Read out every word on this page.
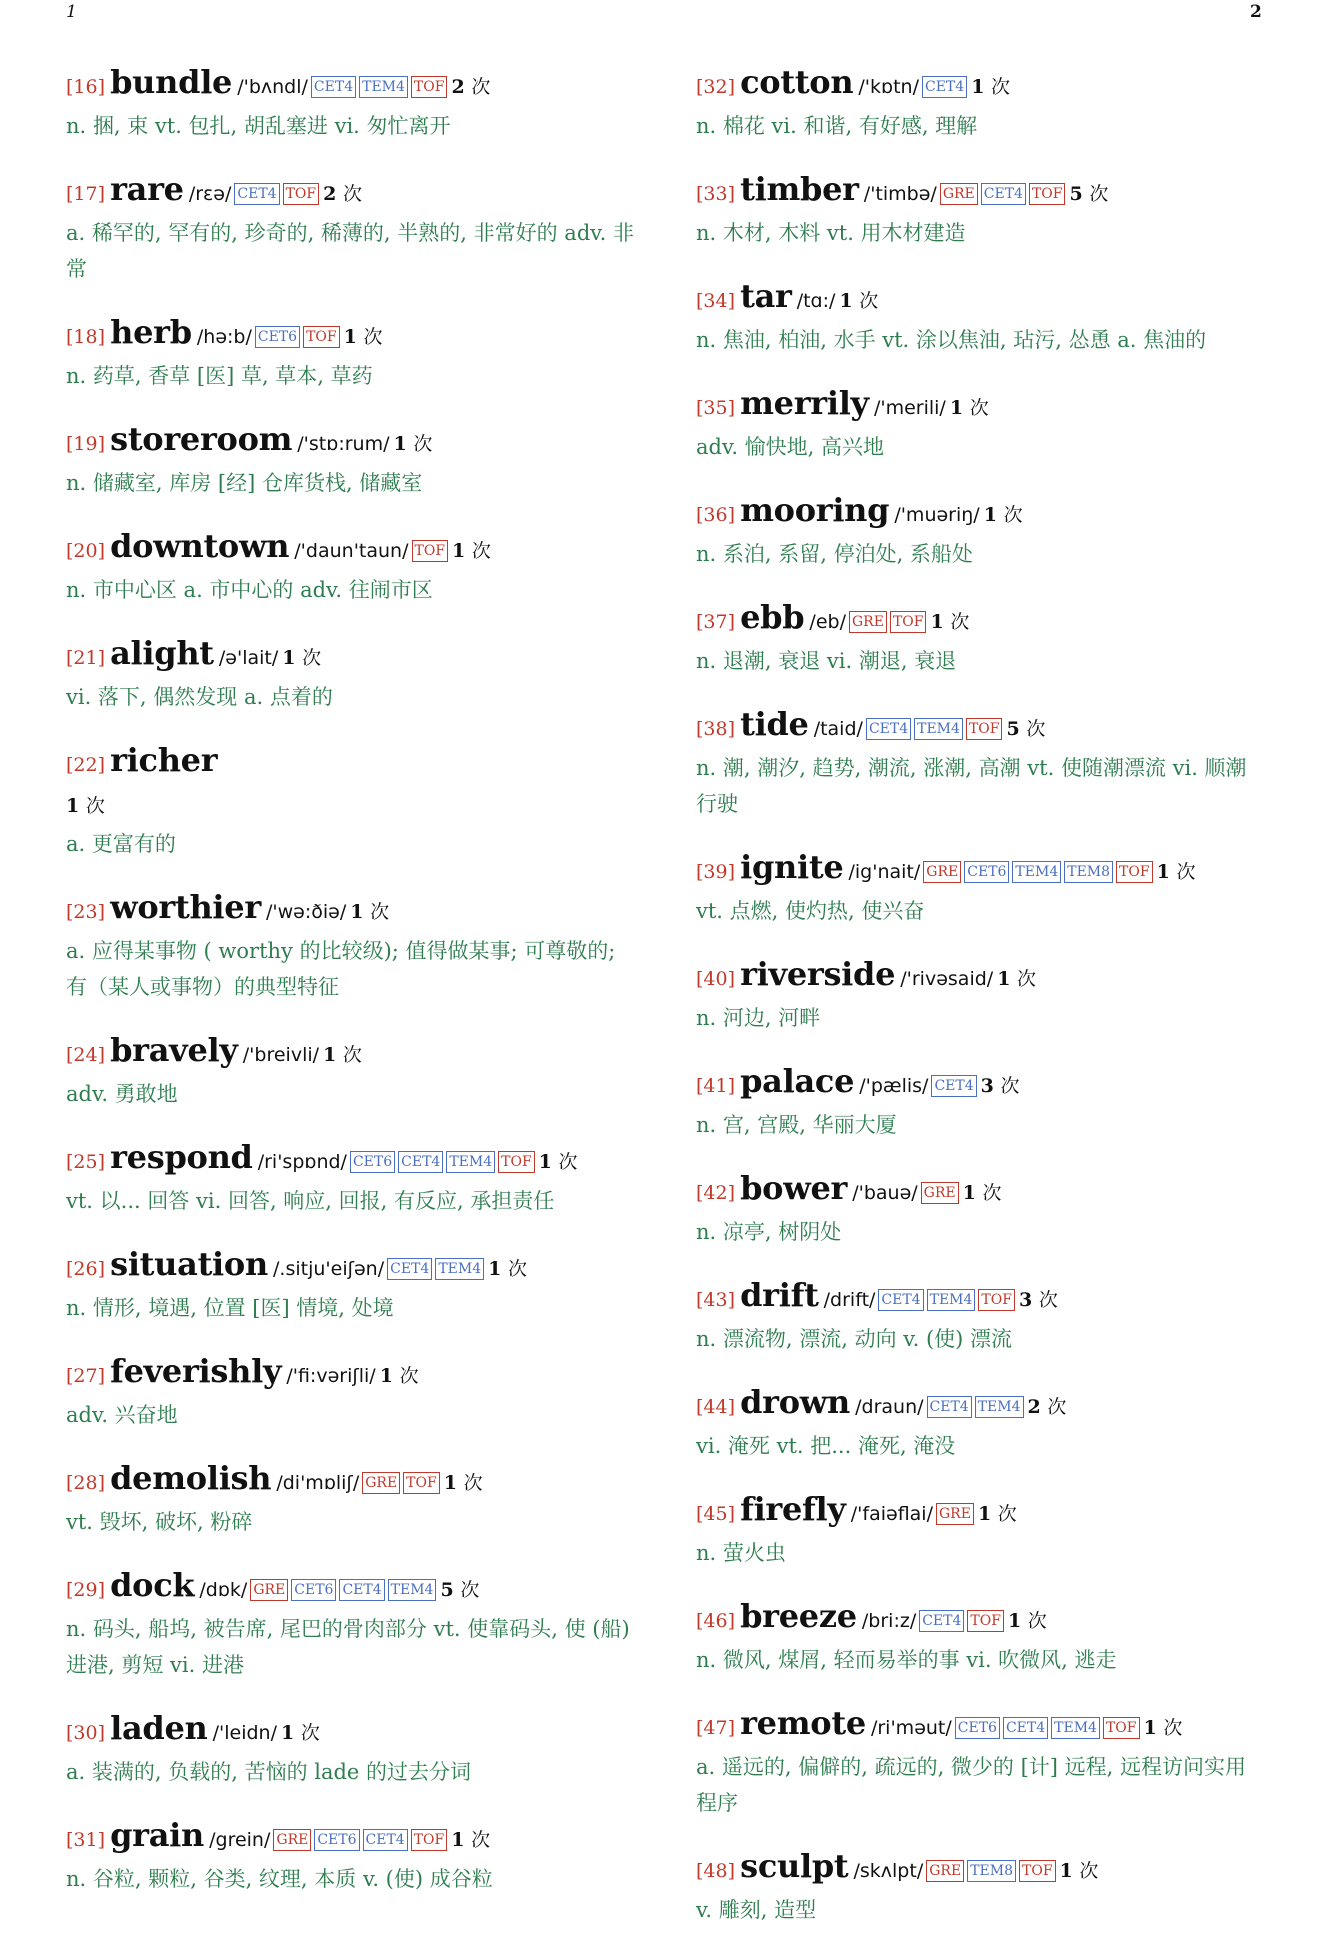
1	2
[16] bundle /'bʌndl/ CET4 TEM4 TOF 2 次
n. 捆, 束 vt. 包扎, 胡乱塞进 vi. 匆忙离开
[17] rare /rɛə/ CET4 TOF 2 次
a. 稀罕的, 罕有的, 珍奇的, 稀薄的, 半熟的, 非常好的 adv. 非常
[18] herb /hə:b/ CET6 TOF 1 次
n. 药草, 香草 [医] 草, 草本, 草药
[19] storeroom /'stɒ:rum/ 1 次
n. 储藏室, 库房 [经] 仓库货栈, 储藏室
[20] downtown /'daun'taun/ TOF 1 次
n. 市中心区 a. 市中心的 adv. 往闹市区
[21] alight /ə'lait/ 1 次
vi. 落下, 偶然发现 a. 点着的
[22] richer
1 次
a. 更富有的
[23] worthier /'wə:ðiə/ 1 次
a. 应得某事物 ( worthy 的比较级); 值得做某事; 可尊敬的; 有（某人或事物）的典型特征
[24] bravely /'breivli/ 1 次
adv. 勇敢地
[25] respond /ri'spɒnd/ CET6 CET4 TEM4 TOF 1 次
vt. 以... 回答 vi. 回答, 响应, 回报, 有反应, 承担责任
[26] situation /.sitju'eiʃən/ CET4 TEM4 1 次
n. 情形, 境遇, 位置 [医] 情境, 处境
[27] feverishly /'fi:vəriʃli/ 1 次
adv. 兴奋地
[28] demolish /di'mɒliʃ/ GRE TOF 1 次
vt. 毁坏, 破坏, 粉碎
[29] dock /dɒk/ GRE CET6 CET4 TEM4 5 次
n. 码头, 船坞, 被告席, 尾巴的骨肉部分 vt. 使靠码头, 使 (船) 进港, 剪短 vi. 进港
[30] laden /'leidn/ 1 次
a. 装满的, 负载的, 苦恼的 lade 的过去分词
[31] grain /grein/ GRE CET6 CET4 TOF 1 次
n. 谷粒, 颗粒, 谷类, 纹理, 本质 v. (使) 成谷粒
[32] cotton /'kɒtn/ CET4 1 次
n. 棉花 vi. 和谐, 有好感, 理解
[33] timber /'timbə/ GRE CET4 TOF 5 次
n. 木材, 木料 vt. 用木材建造
[34] tar /tɑ:/ 1 次
n. 焦油, 柏油, 水手 vt. 涂以焦油, 玷污, 怂恿 a. 焦油的
[35] merrily /'merili/ 1 次
adv. 愉快地, 高兴地
[36] mooring /'muəriŋ/ 1 次
n. 系泊, 系留, 停泊处, 系船处
[37] ebb /eb/ GRE TOF 1 次
n. 退潮, 衰退 vi. 潮退, 衰退
[38] tide /taid/ CET4 TEM4 TOF 5 次
n. 潮, 潮汐, 趋势, 潮流, 涨潮, 高潮 vt. 使随潮漂流 vi. 顺潮行驶
[39] ignite /ig'nait/ GRE CET6 TEM4 TEM8 TOF 1 次
vt. 点燃, 使灼热, 使兴奋
[40] riverside /'rivəsaid/ 1 次
n. 河边, 河畔
[41] palace /'pælis/ CET4 3 次
n. 宫, 宫殿, 华丽大厦
[42] bower /'bauə/ GRE 1 次
n. 凉亭, 树阴处
[43] drift /drift/ CET4 TEM4 TOF 3 次
n. 漂流物, 漂流, 动向 v. (使) 漂流
[44] drown /draun/ CET4 TEM4 2 次
vi. 淹死 vt. 把... 淹死, 淹没
[45] firefly /'faiəflai/ GRE 1 次
n. 萤火虫
[46] breeze /bri:z/ CET4 TOF 1 次
n. 微风, 煤屑, 轻而易举的事 vi. 吹微风, 逃走
[47] remote /ri'məut/ CET6 CET4 TEM4 TOF 1 次
a. 遥远的, 偏僻的, 疏远的, 微少的 [计] 远程, 远程访问实用程序
[48] sculpt /skʌlpt/ GRE TEM8 TOF 1 次
v. 雕刻, 造型
